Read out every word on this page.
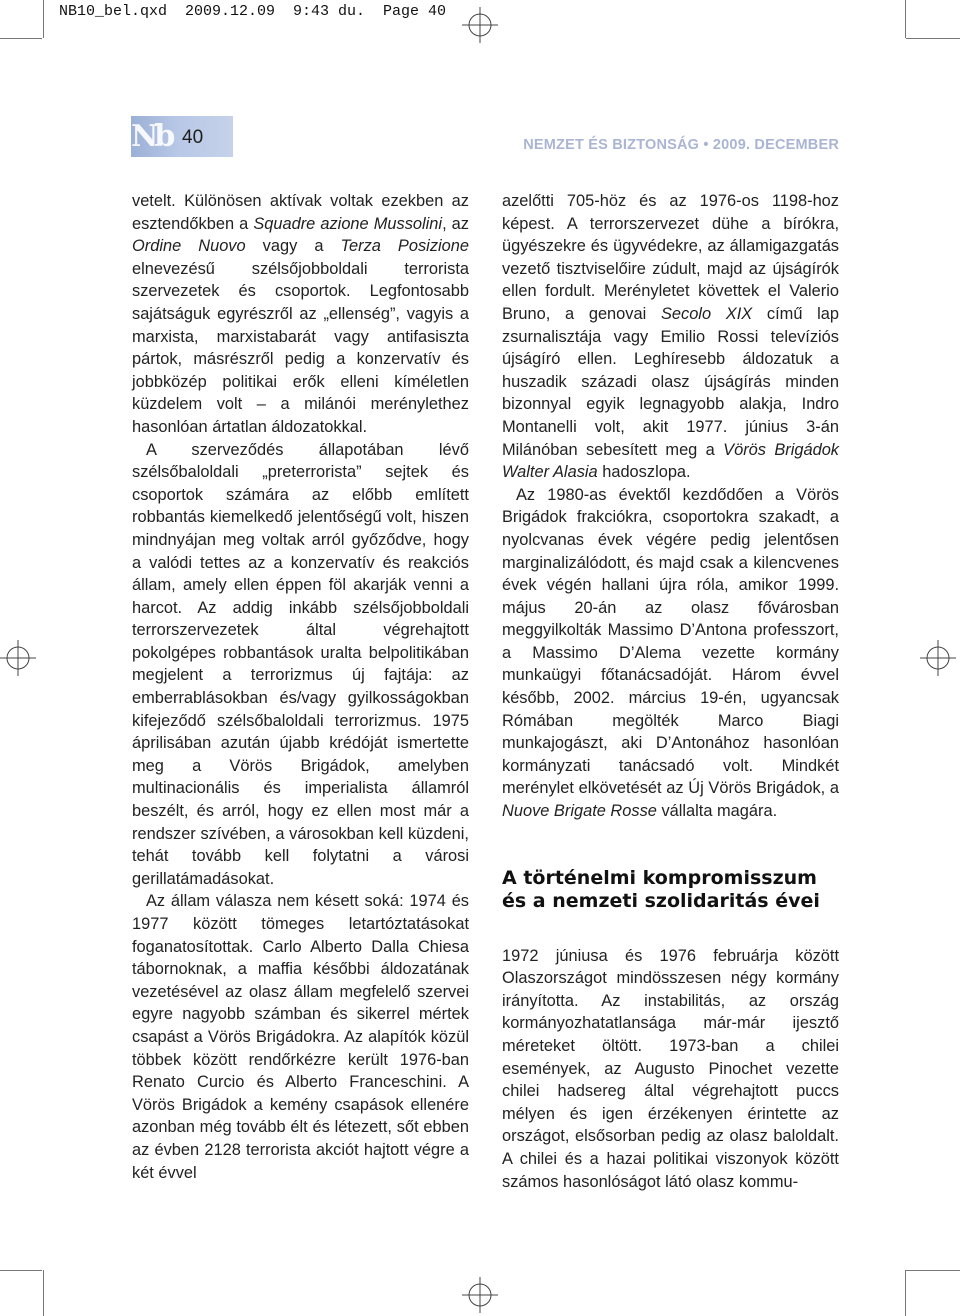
NB10_bel.qxd  2009.12.09  9:43 du.  Page 40
Nb 40	NEMZET ÉS BIZTONSÁG • 2009. DECEMBER

vetelt. Különösen aktívak voltak ezekben az esztendőkben a Squadre azione Mussolini, az Ordine Nuovo vagy a Terza Posizione elnevezésű szélsőjobboldali terrorista szervezetek és csoportok. Legfontosabb sajátságuk egyrészről az „ellenség”, vagyis a marxista, marxistabarát vagy antifasiszta pártok, másrészről pedig a konzervatív és jobbközép politikai erők elleni kíméletlen küzdelem volt – a milánói merénylethez hasonlóan ártatlan áldozatokkal.

A szerveződés állapotában lévő szélsőbaloldali „preterrorista” sejtek és csoportok számára az előbb említett robbantás kiemelkedő jelentőségű volt, hiszen mindnyájan meg voltak arról győződve, hogy a valódi tettes az a konzervatív és reakciós állam, amely ellen éppen föl akarják venni a harcot. Az addig inkább szélsőjobboldali terrorszervezetek által végrehajtott pokolgépes robbantások uralta belpolitikában megjelent a terrorizmus új fajtája: az emberrablásokban és/vagy gyilkosságokban kifejeződő szélsőbaloldali terrorizmus. 1975 áprilisában azután újabb krédóját ismertette meg a Vörös Brigádok, amelyben multinacionális és imperialista államról beszélt, és arról, hogy ez ellen most már a rendszer szívében, a városokban kell küzdeni, tehát tovább kell folytatni a városi gerillatámadásokat.

Az állam válasza nem késett soká: 1974 és 1977 között tömeges letartóztatásokat foganatosítottak. Carlo Alberto Dalla Chiesa tábornoknak, a maffia későbbi áldozatának vezetésével az olasz állam megfelelő szervei egyre nagyobb számban és sikerrel mértek csapást a Vörös Brigádokra. Az alapítók közül többek között rendőrkézre került 1976-ban Renato Curcio és Alberto Franceschini. A Vörös Brigádok a kemény csapások ellenére azonban még tovább élt és létezett, sőt ebben az évben 2128 terrorista akciót hajtott végre a két évvel

azelőtti 705-höz és az 1976-os 1198-hoz képest. A terrorszervezet dühe a bírókra, ügyészekre és ügyvédekre, az államigazgatás vezető tisztviselőire zúdult, majd az újságírók ellen fordult. Merényletet követtek el Valerio Bruno, a genovai Secolo XIX című lap zsurnalisztája vagy Emilio Rossi televíziós újságíró ellen. Leghíresebb áldozatuk a huszadik századi olasz újságírás minden bizonnyal egyik legnagyobb alakja, Indro Montanelli volt, akit 1977. június 3-án Milánóban sebesített meg a Vörös Brigádok Walter Alasia hadoszlopa.

Az 1980-as évektől kezdődően a Vörös Brigádok frakciókra, csoportokra szakadt, a nyolcvanas évek végére pedig jelentősen marginalizálódott, és majd csak a kilencvenes évek végén hallani újra róla, amikor 1999. május 20-án az olasz fővárosban meggyilkolták Massimo D’Antona professzort, a Massimo D’Alema vezette kormány munkaügyi főtanácsadóját. Három évvel később, 2002. március 19-én, ugyancsak Rómában megölték Marco Biagi munkajogászt, aki D’Antonához hasonlóan kormányzati tanácsadó volt. Mindkét merénylet elkövetését az Új Vörös Brigádok, a Nuove Brigate Rosse vállalta magára.

A történelmi kompromisszum és a nemzeti szolidaritás évei

1972 júniusa és 1976 februárja között Olaszországot mindösszesen négy kormány irányította. Az instabilitás, az ország kormányozhatatlansága már-már ijesztő méreteket öltött. 1973-ban a chilei események, az Augusto Pinochet vezette chilei hadsereg által végrehajtott puccs mélyen és igen érzékenyen érintette az országot, elsősorban pedig az olasz baloldalt. A chilei és a hazai politikai viszonyok között számos hasonlóságot látó olasz kommu-
